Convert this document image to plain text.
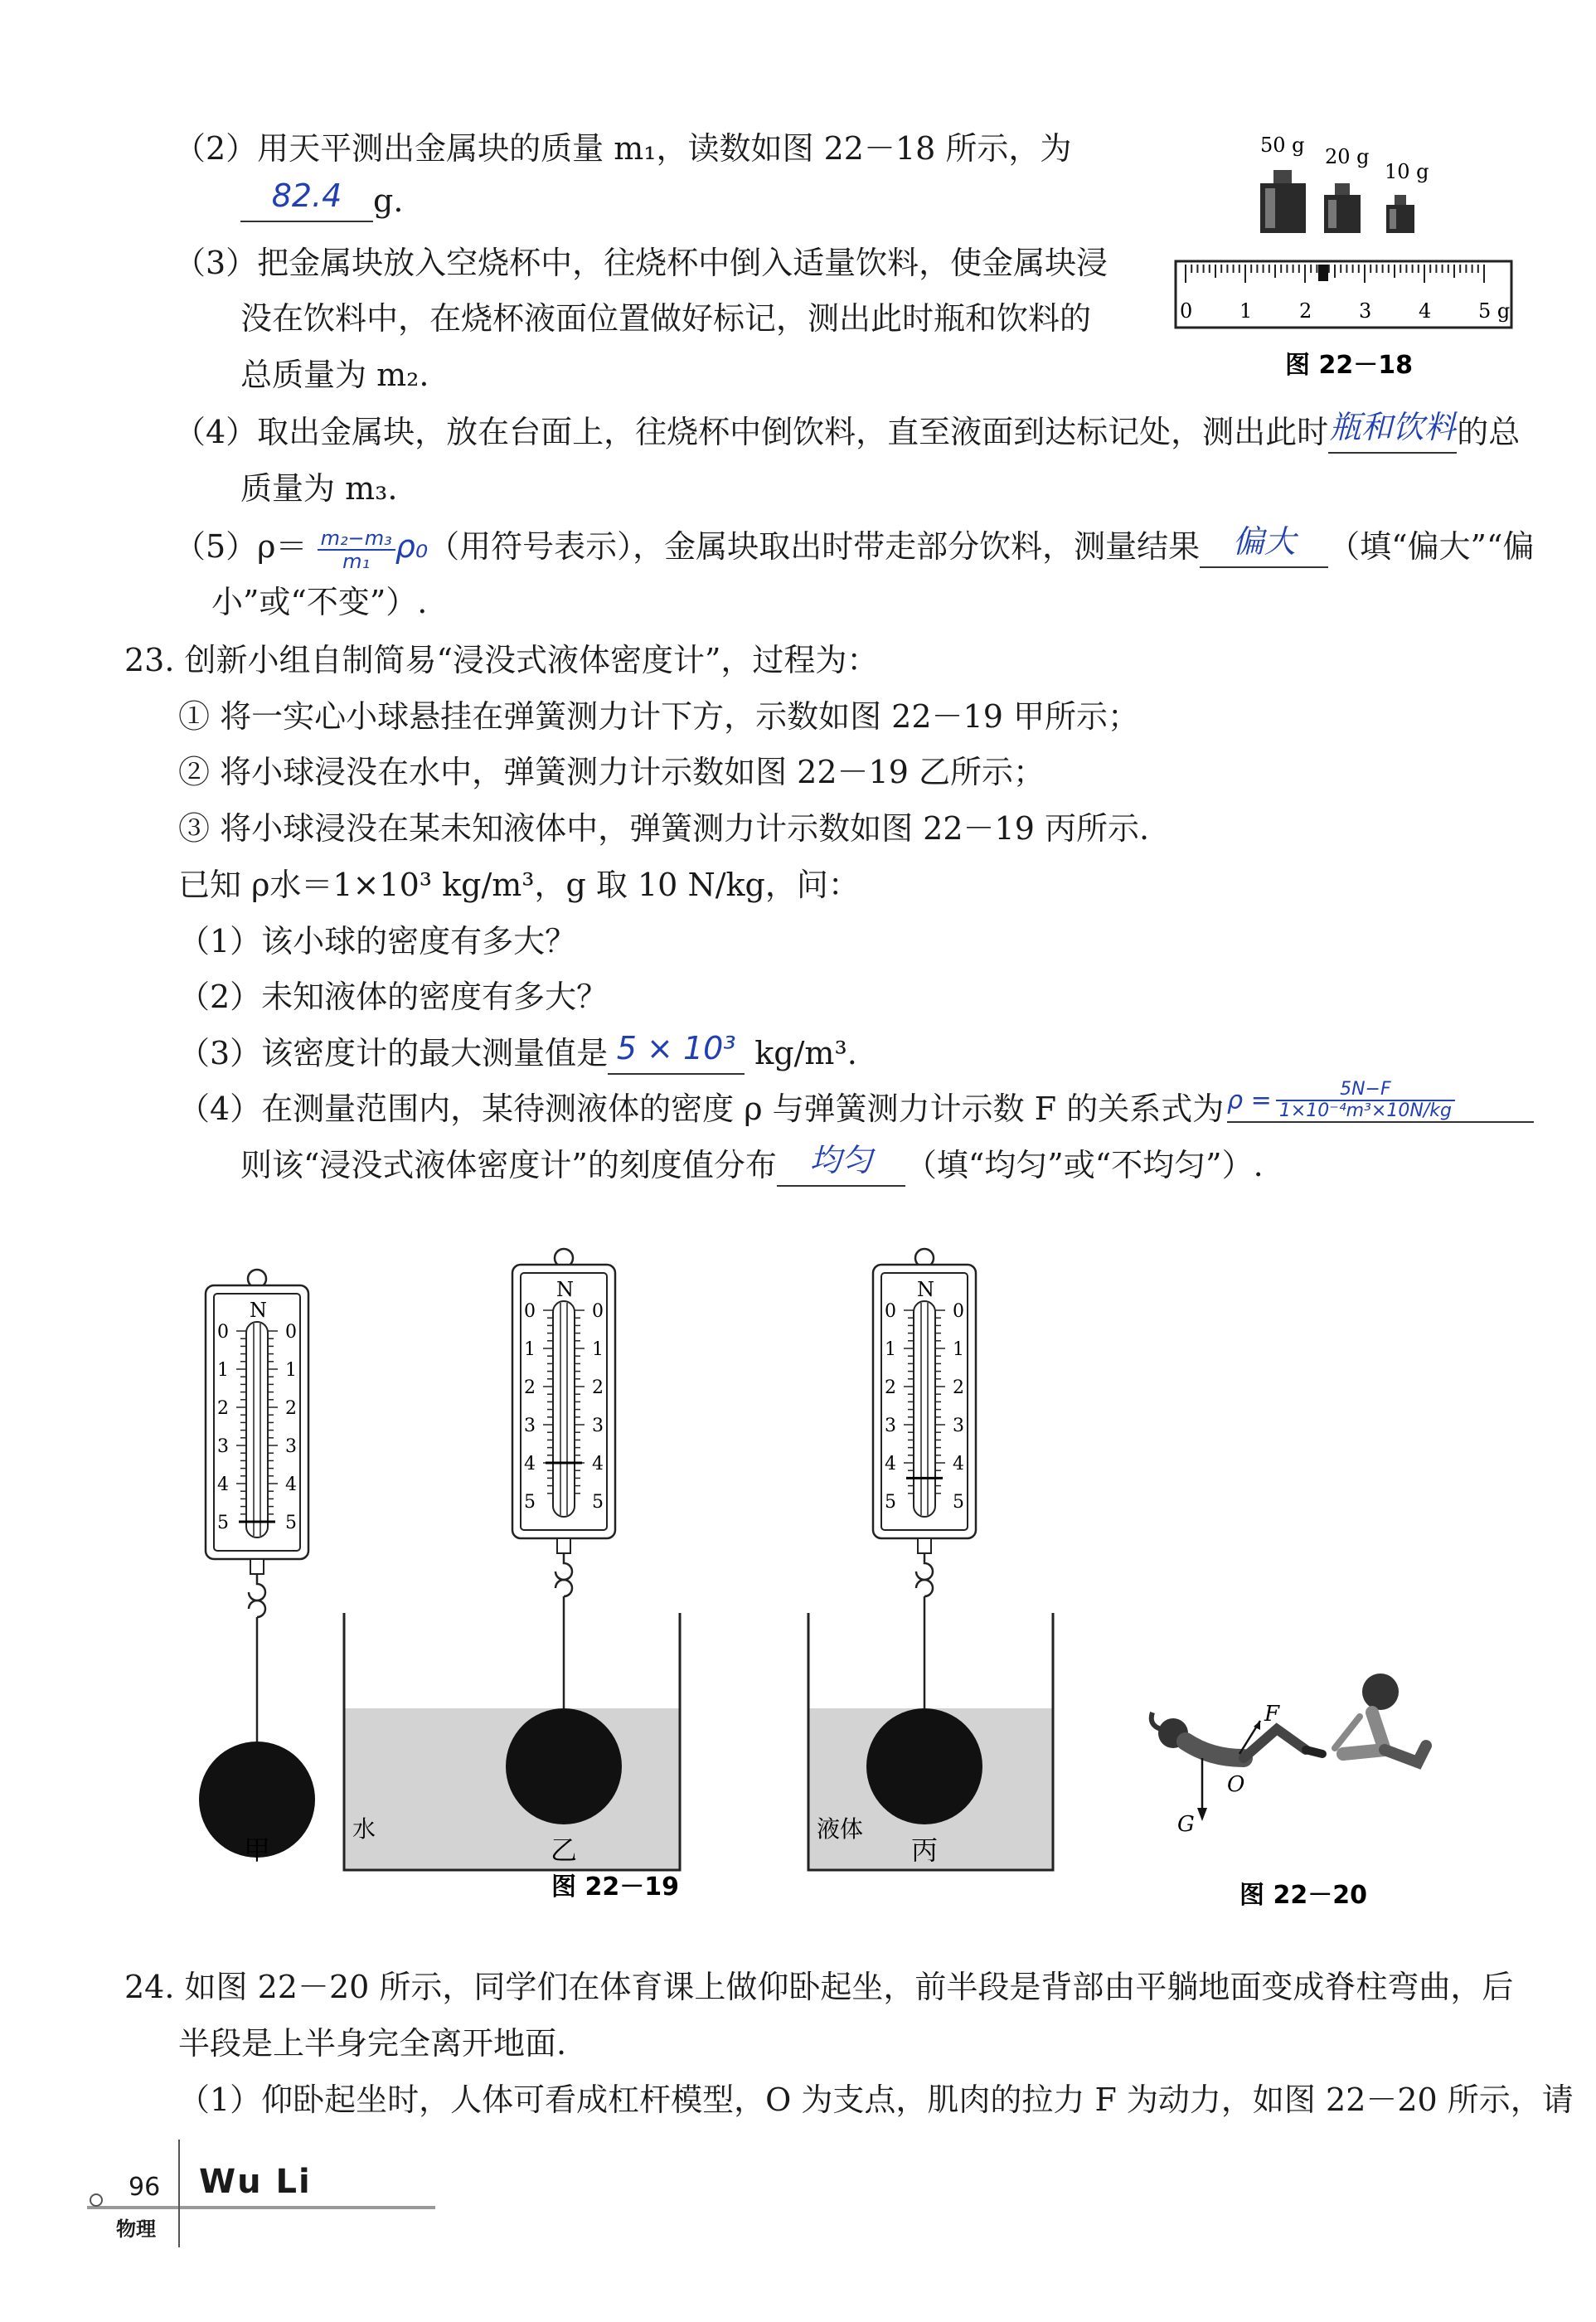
（2）用天平测出金属块的质量 m₁，读数如图 22－18 所示，为
82.4 g.
（3）把金属块放入空烧杯中，往烧杯中倒入适量饮料，使金属块浸
没在饮料中，在烧杯液面位置做好标记，测出此时瓶和饮料的
总质量为 m₂.
（4）取出金属块，放在台面上，往烧杯中倒饮料，直至液面到达标记处，测出此时瓶和饮料的总
质量为 m₃.
$(5)\rho= \frac{\text{m₂−m₃}}{\text{m₁}} \rho_0$（用符号表示），金属块取出时带走部分饮料，测量结果 偏大 （填“偏大”“偏
小”或“不变”）.
50 g 20 g
10 g
0 1 2 3 4 5 g
图 22－18
23. 创新小组自制简易“浸没式液体密度计”，过程为：
① 将一实心小球悬挂在弹簧测力计下方，示数如图 22－19 甲所示；
② 将小球浸没在水中，弹簧测力计示数如图 22－19 乙所示；
③ 将小球浸没在某未知液体中，弹簧测力计示数如图 22－19 丙所示.
已知 ρ水＝1×10³ kg/m³，g 取 10 N/kg，问：
（1）该小球的密度有多大？
（2）未知液体的密度有多大？
（3）该密度计的最大测量值是 5 × 10³ kg/m³.
（4）在测量范围内，某待测液体的密度 ρ 与弹簧测力计示数 F 的关系式为 $\rho = \frac{5N-F}{\text{1×10⁻⁴m³×10N/kg}}$
则该“浸没式液体密度计”的刻度值分布 均匀 （填“均匀”或“不均匀”）.
N
0	0
1	1
2	2
3	3
4	4
5	5
甲
N
0	0
1	1
2	2
3	3
4	4
5	5
水
乙
N
0	0
1	1
2	2
3	3
4	4
5	5
液体
丙
图 22－19
F
O
G
图 22－20
24. 如图 22－20 所示，同学们在体育课上做仰卧起坐，前半段是背部由平躺地面变成脊柱弯曲，后
半段是上半身完全离开地面.
（1）仰卧起坐时，人体可看成杠杆模型，O 为支点，肌肉的拉力 F 为动力，如图 22－20 所示，请
96 Wu Li
物理
